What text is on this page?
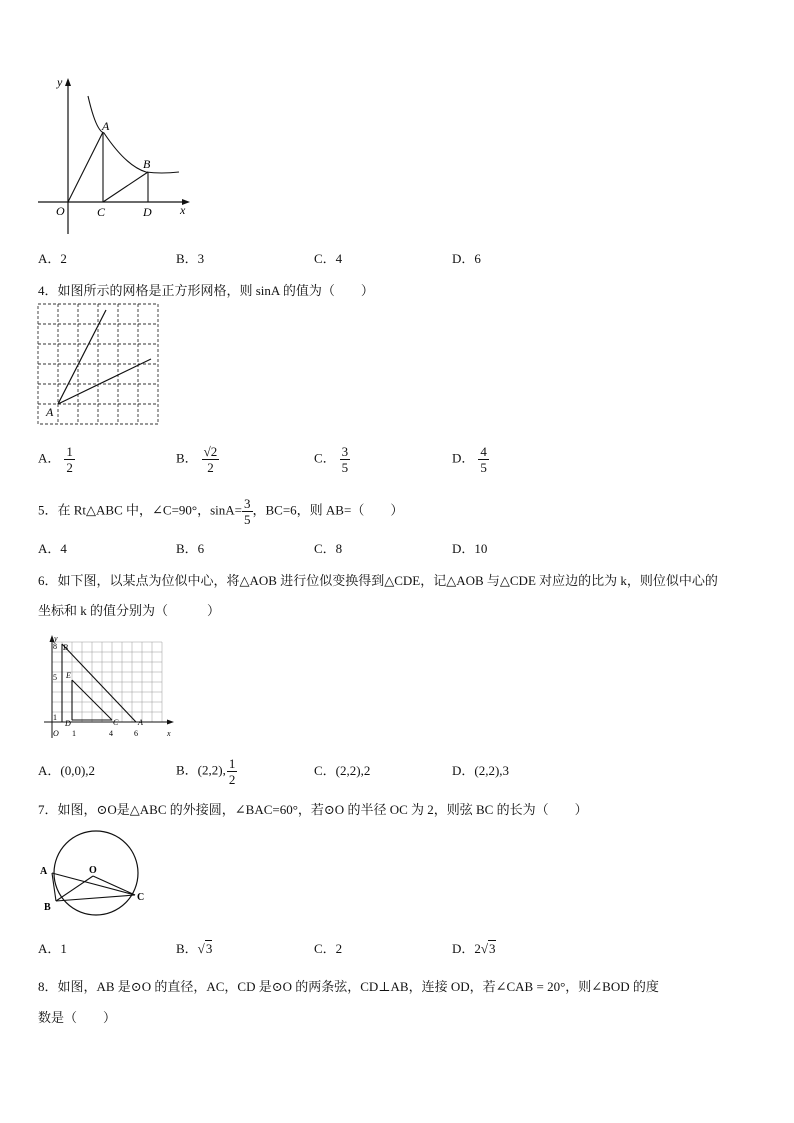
y
x
O
A
B
C	D
A．2	B．3	C．4	D．6
4．如图所示的网格是正方形网格，则 sinA 的值为（　　）
A
A． $\frac{1}{2}$	B． $\frac{√2}{2}$	C． $\frac{3}{5}$	D． $\frac{4}{5}$
5．在 Rt△ABC 中，∠C=90°，$\sin A= \frac{3}{5}$ ，BC=6，则 AB=（　　）
A．4	B．6	C．8	D．10
6．如下图，以某点为位似中心，将△AOB 进行位似变换得到△CDE，记△AOB 与△CDE 对应边的比为 k，则位似中心的
坐标和 k 的值分别为（　　　）
y
B
8
5 E
1
D	C A
x
O 1	4	6
A．(0,0),2	B．(2,2), $\frac{1}{2}$	C．(2,2),2	D．(2,2),3
7．如图，⊙O是△ABC 的外接圆，∠BAC=60°，若⊙O 的半径 OC 为 2，则弦 BC 的长为（　　）
A
B
C
O
A．1	B．√3	C．2	D．2√3
8．如图，AB 是⊙O 的直径，AC，CD 是⊙O 的两条弦，CD⊥AB，连接 OD，若∠CAB = 20°，则∠BOD 的度
数是（　　）
